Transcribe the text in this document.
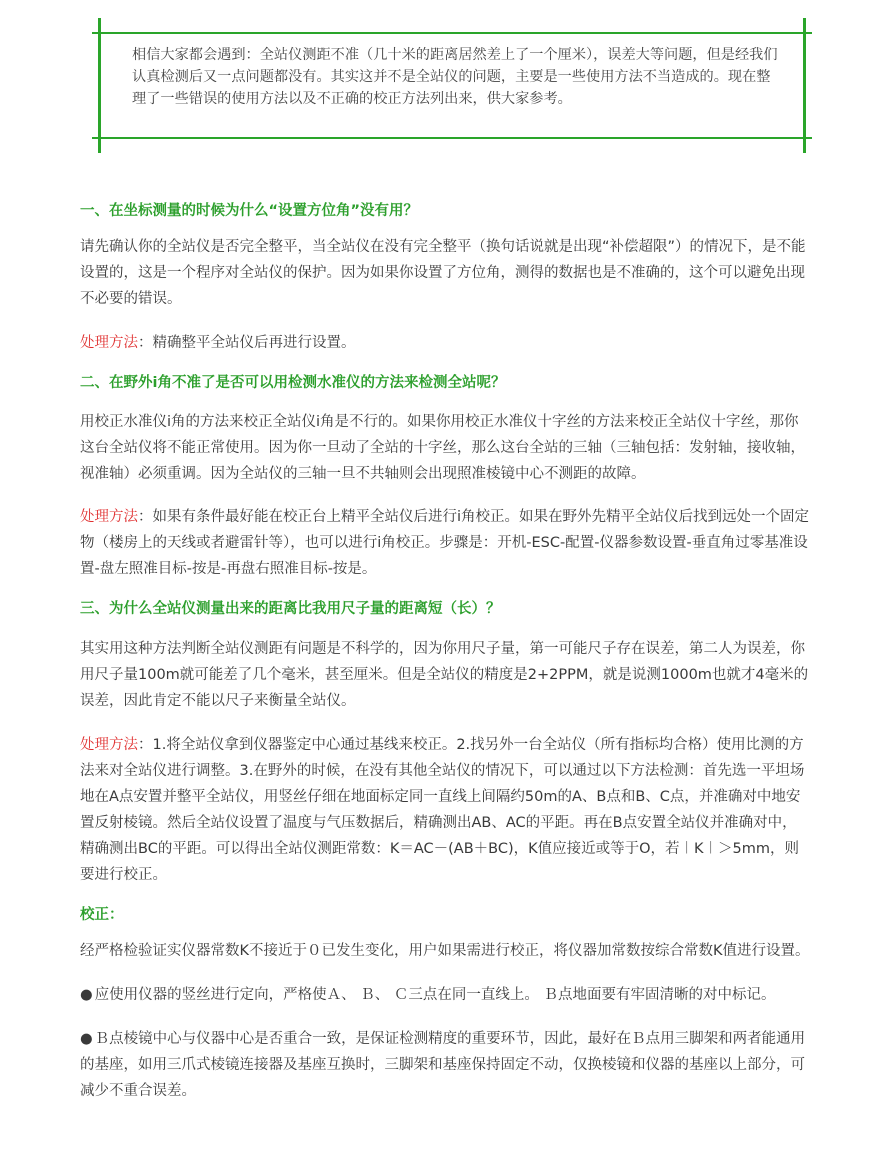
相信大家都会遇到：全站仪测距不准（几十米的距离居然差上了一个厘米），误差大等问题，但是经我们认真检测后又一点问题都没有。其实这并不是全站仪的问题，主要是一些使用方法不当造成的。现在整理了一些错误的使用方法以及不正确的校正方法列出来，供大家参考。

一、在坐标测量的时候为什么“设置方位角”没有用？

请先确认你的全站仪是否完全整平，当全站仪在没有完全整平（换句话说就是出现“补偿超限”）的情况下，是不能设置的，这是一个程序对全站仪的保护。因为如果你设置了方位角，测得的数据也是不准确的，这个可以避免出现不必要的错误。

处理方法：精确整平全站仪后再进行设置。

二、在野外i角不准了是否可以用检测水准仪的方法来检测全站呢？

用校正水准仪i角的方法来校正全站仪i角是不行的。如果你用校正水准仪十字丝的方法来校正全站仪十字丝，那你这台全站仪将不能正常使用。因为你一旦动了全站的十字丝，那么这台全站的三轴（三轴包括：发射轴，接收轴，视准轴）必须重调。因为全站仪的三轴一旦不共轴则会出现照准棱镜中心不测距的故障。

处理方法：如果有条件最好能在校正台上精平全站仪后进行i角校正。如果在野外先精平全站仪后找到远处一个固定物（楼房上的天线或者避雷针等），也可以进行i角校正。步骤是：开机-ESC-配置-仪器参数设置-垂直角过零基准设置-盘左照准目标-按是-再盘右照准目标-按是。

三、为什么全站仪测量出来的距离比我用尺子量的距离短（长）？

其实用这种方法判断全站仪测距有问题是不科学的，因为你用尺子量，第一可能尺子存在误差，第二人为误差，你用尺子量100m就可能差了几个毫米，甚至厘米。但是全站仪的精度是2+2PPM，就是说测1000m也就才4毫米的误差，因此肯定不能以尺子来衡量全站仪。

处理方法：1.将全站仪拿到仪器鉴定中心通过基线来校正。2.找另外一台全站仪（所有指标均合格）使用比测的方法来对全站仪进行调整。3.在野外的时候，在没有其他全站仪的情况下，可以通过以下方法检测：首先选一平坦场地在A点安置并整平全站仪，用竖丝仔细在地面标定同一直线上间隔约50m的A、B点和B、C点，并准确对中地安置反射棱镜。然后全站仪设置了温度与气压数据后，精确测出AB、AC的平距。再在B点安置全站仪并准确对中，精确测出BC的平距。可以得出全站仪测距常数：K＝AC－(AB＋BC)，K值应接近或等于O，若︱K︱＞5mm，则要进行校正。

校正：

经严格检验证实仪器常数K不接近于０已发生变化，用户如果需进行校正，将仪器加常数按综合常数K值进行设置。

● 应使用仪器的竖丝进行定向，严格使Ａ、 Ｂ、 Ｃ三点在同一直线上。 Ｂ点地面要有牢固清晰的对中标记。

● Ｂ点棱镜中心与仪器中心是否重合一致，是保证检测精度的重要环节，因此，最好在Ｂ点用三脚架和两者能通用的基座，如用三爪式棱镜连接器及基座互换时，三脚架和基座保持固定不动，仅换棱镜和仪器的基座以上部分，可减少不重合误差。
